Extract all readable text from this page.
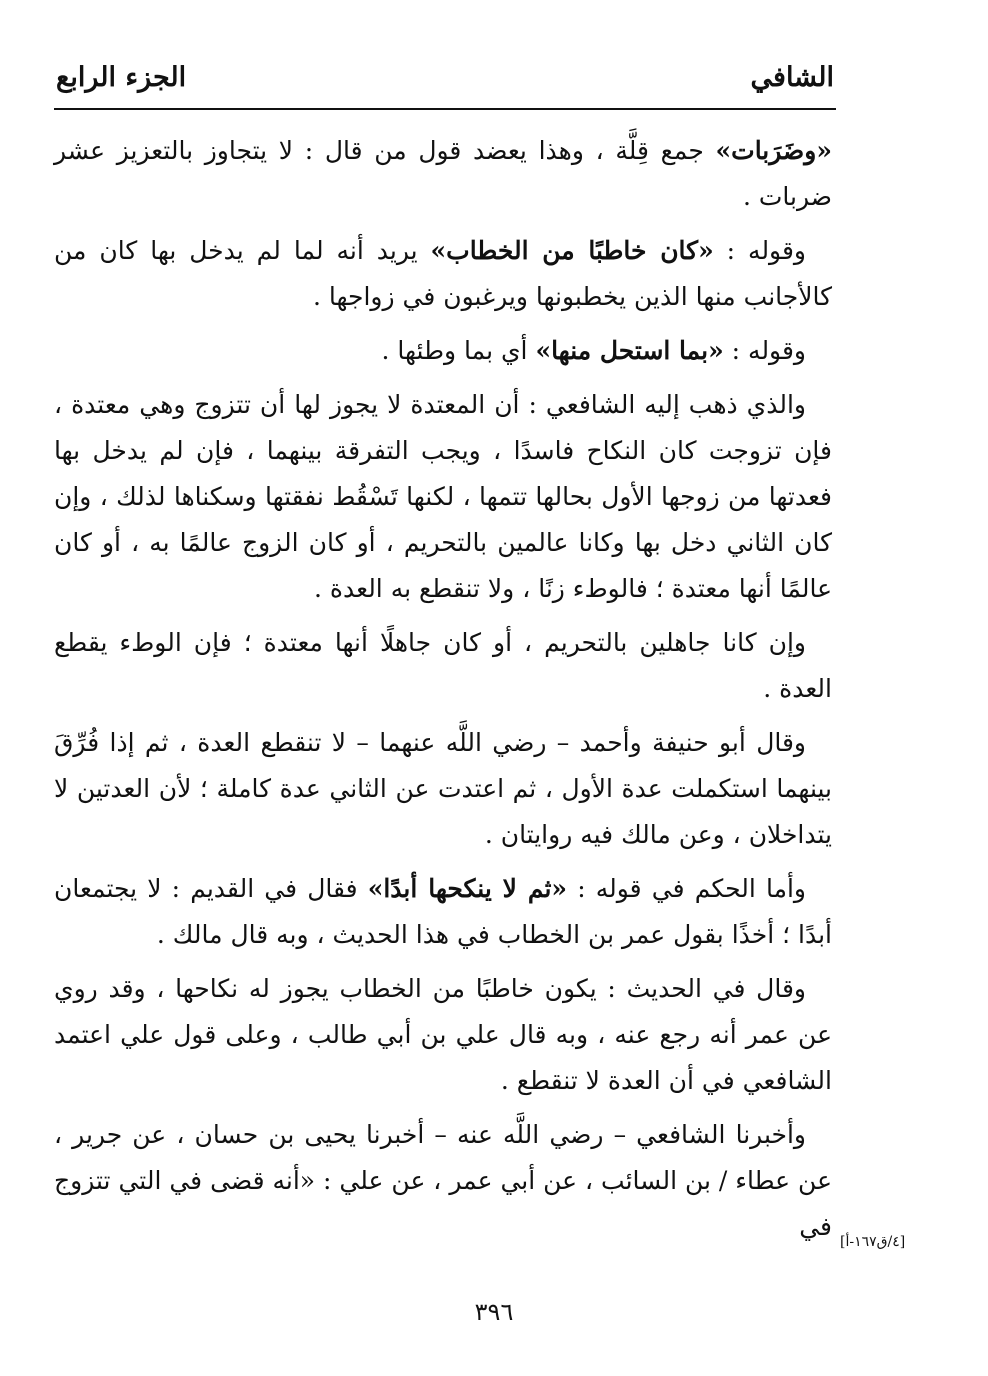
الشافي
الجزء الرابع

«وضَرَبات» جمع قِلَّة ، وهذا يعضد قول من قال : لا يتجاوز بالتعزيز عشر ضربات .

وقوله : «كان خاطبًا من الخطاب» يريد أنه لما لم يدخل بها كان من كالأجانب منها الذين يخطبونها ويرغبون في زواجها .

وقوله : «بما استحل منها» أي بما وطئها .

والذي ذهب إليه الشافعي : أن المعتدة لا يجوز لها أن تتزوج وهي معتدة ، فإن تزوجت كان النكاح فاسدًا ، ويجب التفرقة بينهما ، فإن لم يدخل بها فعدتها من زوجها الأول بحالها تتمها ، لكنها تَسْقُط نفقتها وسكناها لذلك ، وإن كان الثاني دخل بها وكانا عالمين بالتحريم ، أو كان الزوج عالمًا به ، أو كان عالمًا أنها معتدة ؛ فالوطء زنًا ، ولا تنقطع به العدة .

وإن كانا جاهلين بالتحريم ، أو كان جاهلًا أنها معتدة ؛ فإن الوطء يقطع العدة .

وقال أبو حنيفة وأحمد – رضي اللَّه عنهما – لا تنقطع العدة ، ثم إذا فُرِّقَ بينهما استكملت عدة الأول ، ثم اعتدت عن الثاني عدة كاملة ؛ لأن العدتين لا يتداخلان ، وعن مالك فيه روايتان .

وأما الحكم في قوله : «ثم لا ينكحها أبدًا» فقال في القديم : لا يجتمعان أبدًا ؛ أخذًا بقول عمر بن الخطاب في هذا الحديث ، وبه قال مالك .

وقال في الحديث : يكون خاطبًا من الخطاب يجوز له نكاحها ، وقد روي عن عمر أنه رجع عنه ، وبه قال علي بن أبي طالب ، وعلى قول علي اعتمد الشافعي في أن العدة لا تنقطع .

وأخبرنا الشافعي – رضي اللَّه عنه – أخبرنا يحيى بن حسان ، عن جرير ، عن عطاء / بن السائب ، عن أبي عمر ، عن علي : «أنه قضى في التي تتزوج في

[٤/ق١٦٧-أ]
٣٩٦
